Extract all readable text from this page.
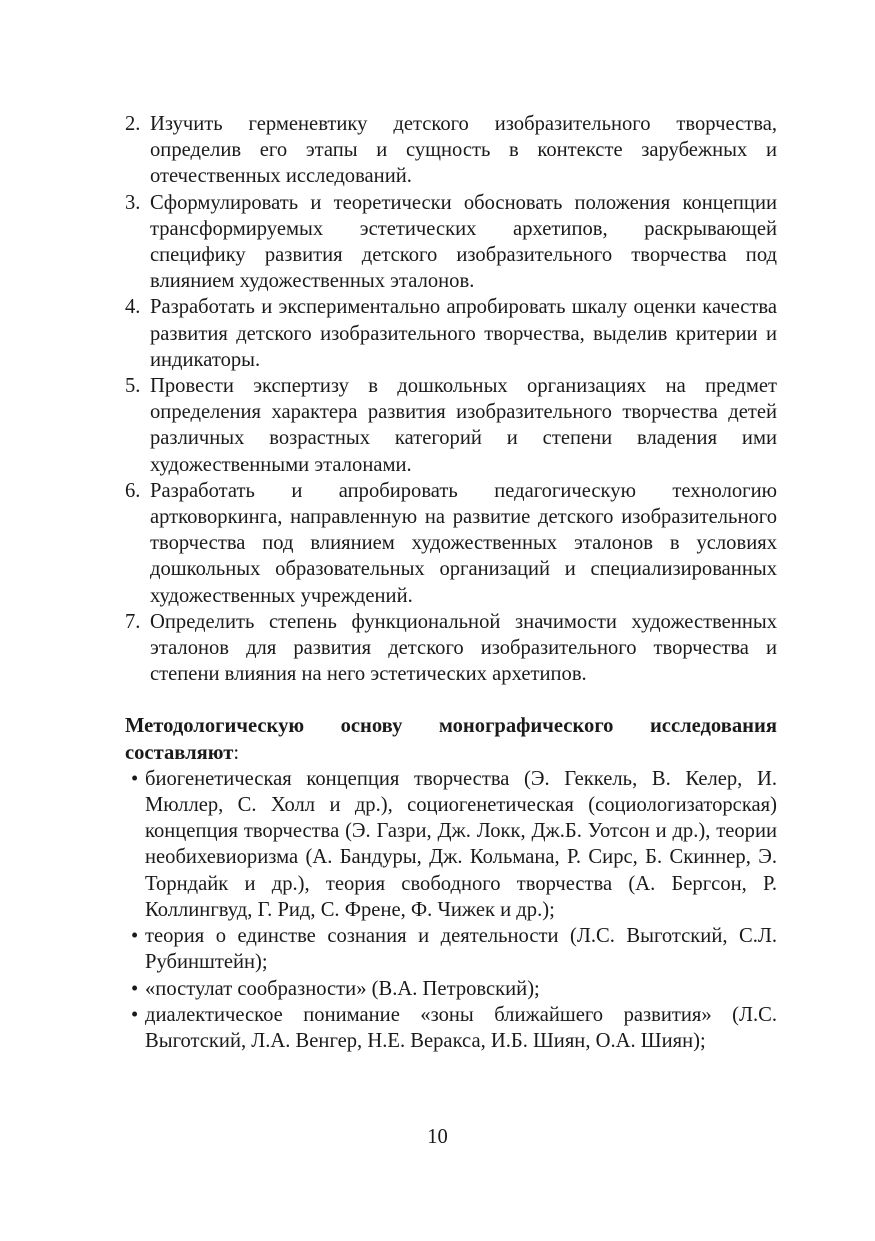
2. Изучить герменевтику детского изобразительного творчества, определив его этапы и сущность в контексте зарубежных и отечественных исследований.
3. Сформулировать и теоретически обосновать положения концепции трансформируемых эстетических архетипов, раскрывающей специфику развития детского изобразительного творчества под влиянием художественных эталонов.
4. Разработать и экспериментально апробировать шкалу оценки качества развития детского изобразительного творчества, выделив критерии и индикаторы.
5. Провести экспертизу в дошкольных организациях на предмет определения характера развития изобразительного творчества детей различных возрастных категорий и степени владения ими художественными эталонами.
6. Разработать и апробировать педагогическую технологию артковоркинга, направленную на развитие детского изобразительного творчества под влиянием художественных эталонов в условиях дошкольных образовательных организаций и специализированных художественных учреждений.
7. Определить степень функциональной значимости художественных эталонов для развития детского изобразительного творчества и степени влияния на него эстетических архетипов.

Методологическую основу монографического исследования составляют:

• биогенетическая концепция творчества (Э. Геккель, В. Келер, И. Мюллер, С. Холл и др.), социогенетическая (социологизаторская) концепция творчества (Э. Газри, Дж. Локк, Дж.Б. Уотсон и др.), теории необихевиоризма (А. Бандуры, Дж. Кольмана, Р. Сирс, Б. Скиннер, Э. Торндайк и др.), теория свободного творчества (А. Бергсон, Р. Коллингвуд, Г. Рид, С. Френе, Ф. Чижек и др.);
• теория о единстве сознания и деятельности (Л.С. Выготский, С.Л. Рубинштейн);
• «постулат сообразности» (В.А. Петровский);
• диалектическое понимание «зоны ближайшего развития» (Л.С. Выготский, Л.А. Венгер, Н.Е. Веракса, И.Б. Шиян, О.А. Шиян);
10
